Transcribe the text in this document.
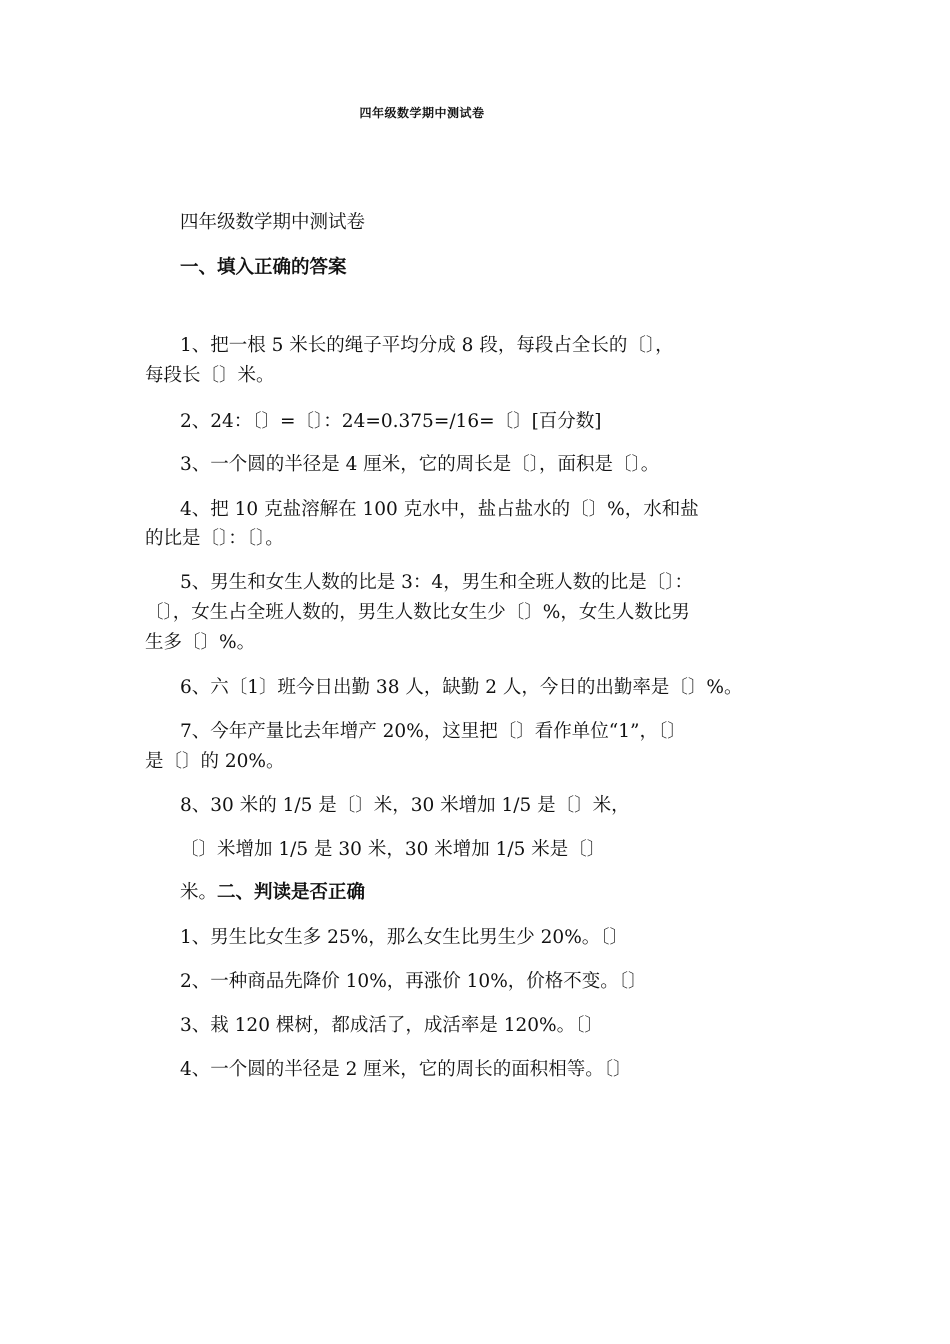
四年级数学期中测试卷
四年级数学期中测试卷
一、填入正确的答案
1、把一根 5 米长的绳子平均分成 8 段，每段占全长的〔〕，
每段长〔〕米。
2、24：〔〕=〔〕：24=0.375=/16=〔〕[百分数]
3、一个圆的半径是 4 厘米，它的周长是〔〕，面积是〔〕。
4、把 10 克盐溶解在 100 克水中，盐占盐水的〔〕%，水和盐
的比是〔〕：〔〕。
5、男生和女生人数的比是 3：4，男生和全班人数的比是〔〕：
〔〕，女生占全班人数的，男生人数比女生少〔〕%，女生人数比男
生多〔〕%。
6、六〔1〕班今日出勤 38 人，缺勤 2 人，今日的出勤率是〔〕%。
7、今年产量比去年增产 20%，这里把〔〕看作单位“1”，〔〕
是〔〕的 20%。
8、30 米的 1/5 是〔〕米，30 米增加 1/5 是〔〕米，
〔〕米增加 1/5 是 30 米，30 米增加 1/5 米是〔〕
米。二、判读是否正确
1、男生比女生多 25%，那么女生比男生少 20%。〔〕
2、一种商品先降价 10%，再涨价 10%，价格不变。〔〕
3、栽 120 棵树，都成活了，成活率是 120%。〔〕
4、一个圆的半径是 2 厘米，它的周长的面积相等。〔〕
